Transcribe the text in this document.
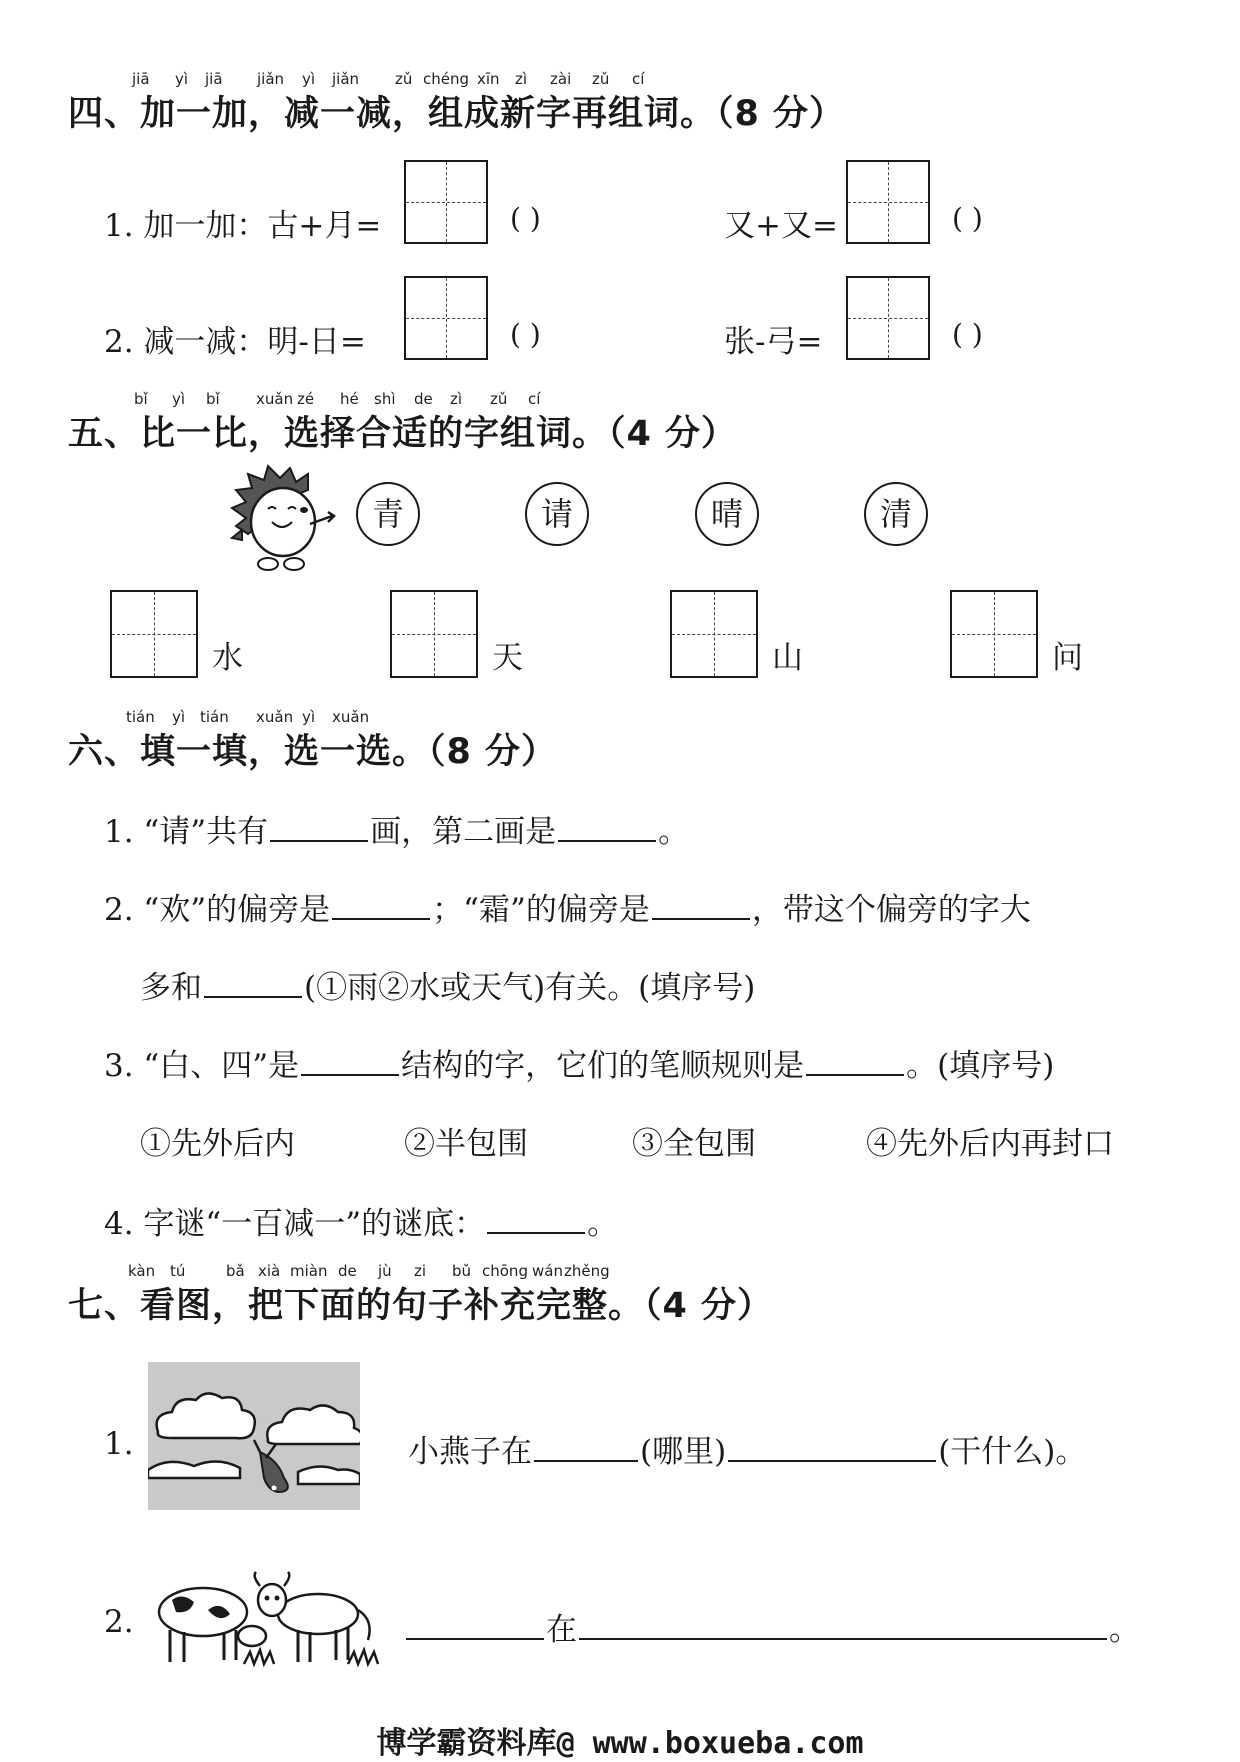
jiā yì jiā jiǎn yì jiǎn zǔ chéng xīn zì zài zǔ cí
四、加一加，减一减，组成新字再组词。（8 分）
1. 加一加：古+月=	( )	又+又=	( )
2. 减一减：明-日=	( )	张-弓=	( )
bǐ yì bǐ xuǎn zé hé shì de zì zǔ cí
五、比一比，选择合适的字组词。（4 分）
青	请	晴	清
水	天	山	问
tián yì tián xuǎn yì xuǎn
六、填一填，选一选。（8 分）
1. “请”共有	画，第二画是	。
2. “欢”的偏旁是	；“霜”的偏旁是	，带这个偏旁的字大
多和	(①雨②水或天气)有关。(填序号)
3. “白、四”是	结构的字，它们的笔顺规则是	。(填序号)
①先外后内	②半包围	③全包围	④先外后内再封口
4. 字谜“一百减一”的谜底：	。
kàn tú	bǎ xià miàn de jù zi bǔ chōng wán zhěng
七、看图，把下面的句子补充完整。（4 分）
1.	小燕子在	(哪里)	(干什么)。
2.	在	。
博学霸资料库@ www.boxueba.com
